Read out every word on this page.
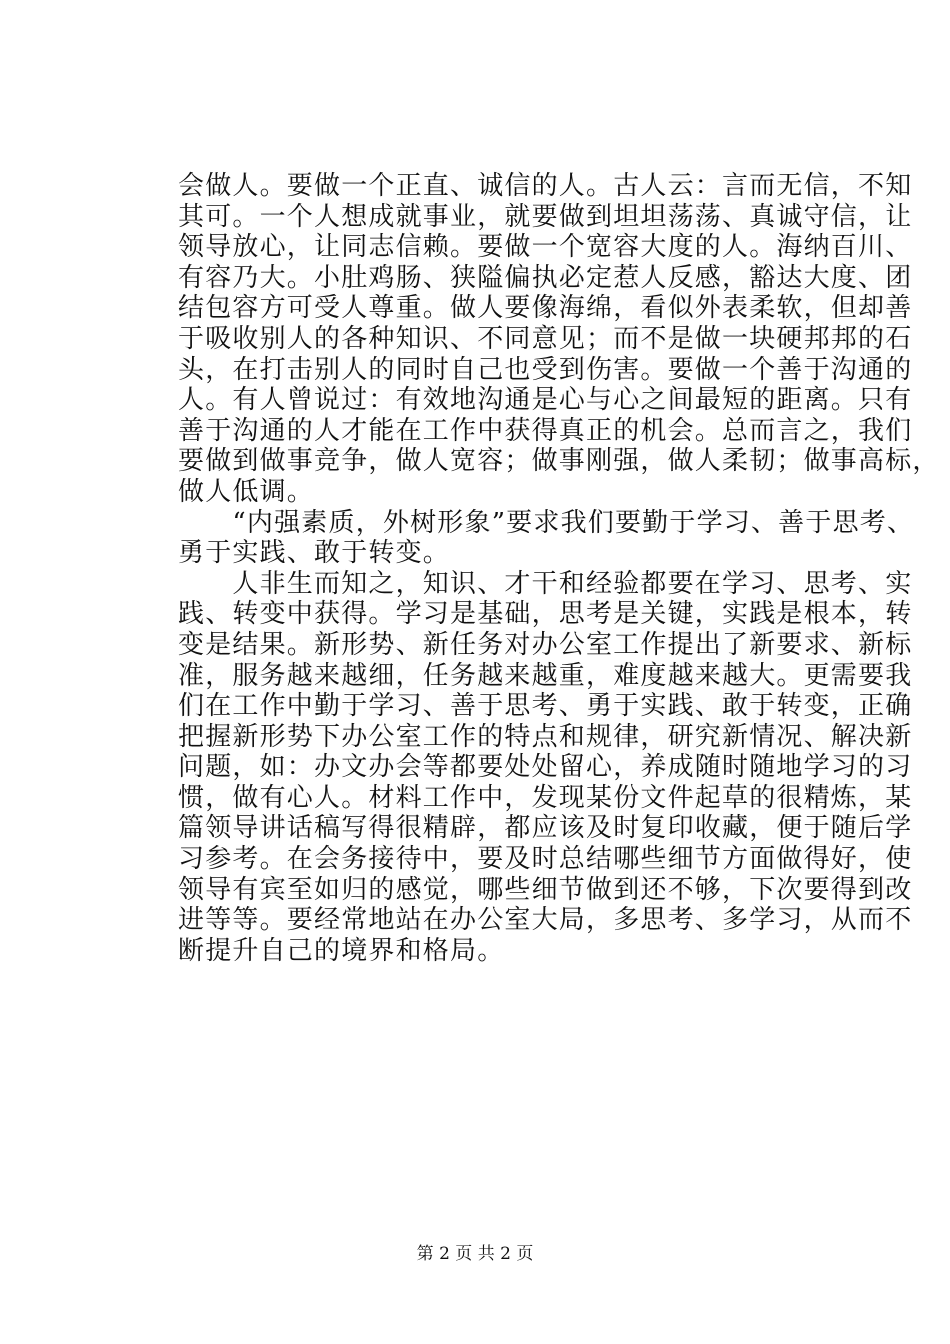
会做人。要做一个正直、诚信的人。古人云：言而无信，不知
其可。一个人想成就事业，就要做到坦坦荡荡、真诚守信，让
领导放心，让同志信赖。要做一个宽容大度的人。海纳百川、
有容乃大。小肚鸡肠、狭隘偏执必定惹人反感，豁达大度、团
结包容方可受人尊重。做人要像海绵，看似外表柔软，但却善
于吸收别人的各种知识、不同意见；而不是做一块硬邦邦的石
头，在打击别人的同时自己也受到伤害。要做一个善于沟通的
人。有人曾说过：有效地沟通是心与心之间最短的距离。只有
善于沟通的人才能在工作中获得真正的机会。总而言之，我们
要做到做事竞争，做人宽容；做事刚强，做人柔韧；做事高标，
做人低调。
　　“内强素质，外树形象”要求我们要勤于学习、善于思考、
勇于实践、敢于转变。
　　人非生而知之，知识、才干和经验都要在学习、思考、实
践、转变中获得。学习是基础，思考是关键，实践是根本，转
变是结果。新形势、新任务对办公室工作提出了新要求、新标
准，服务越来越细，任务越来越重，难度越来越大。更需要我
们在工作中勤于学习、善于思考、勇于实践、敢于转变，正确
把握新形势下办公室工作的特点和规律，研究新情况、解决新
问题，如：办文办会等都要处处留心，养成随时随地学习的习
惯，做有心人。材料工作中，发现某份文件起草的很精炼，某
篇领导讲话稿写得很精辟，都应该及时复印收藏，便于随后学
习参考。在会务接待中，要及时总结哪些细节方面做得好，使
领导有宾至如归的感觉，哪些细节做到还不够，下次要得到改
进等等。要经常地站在办公室大局，多思考、多学习，从而不
断提升自己的境界和格局。
第 2 页 共 2 页
